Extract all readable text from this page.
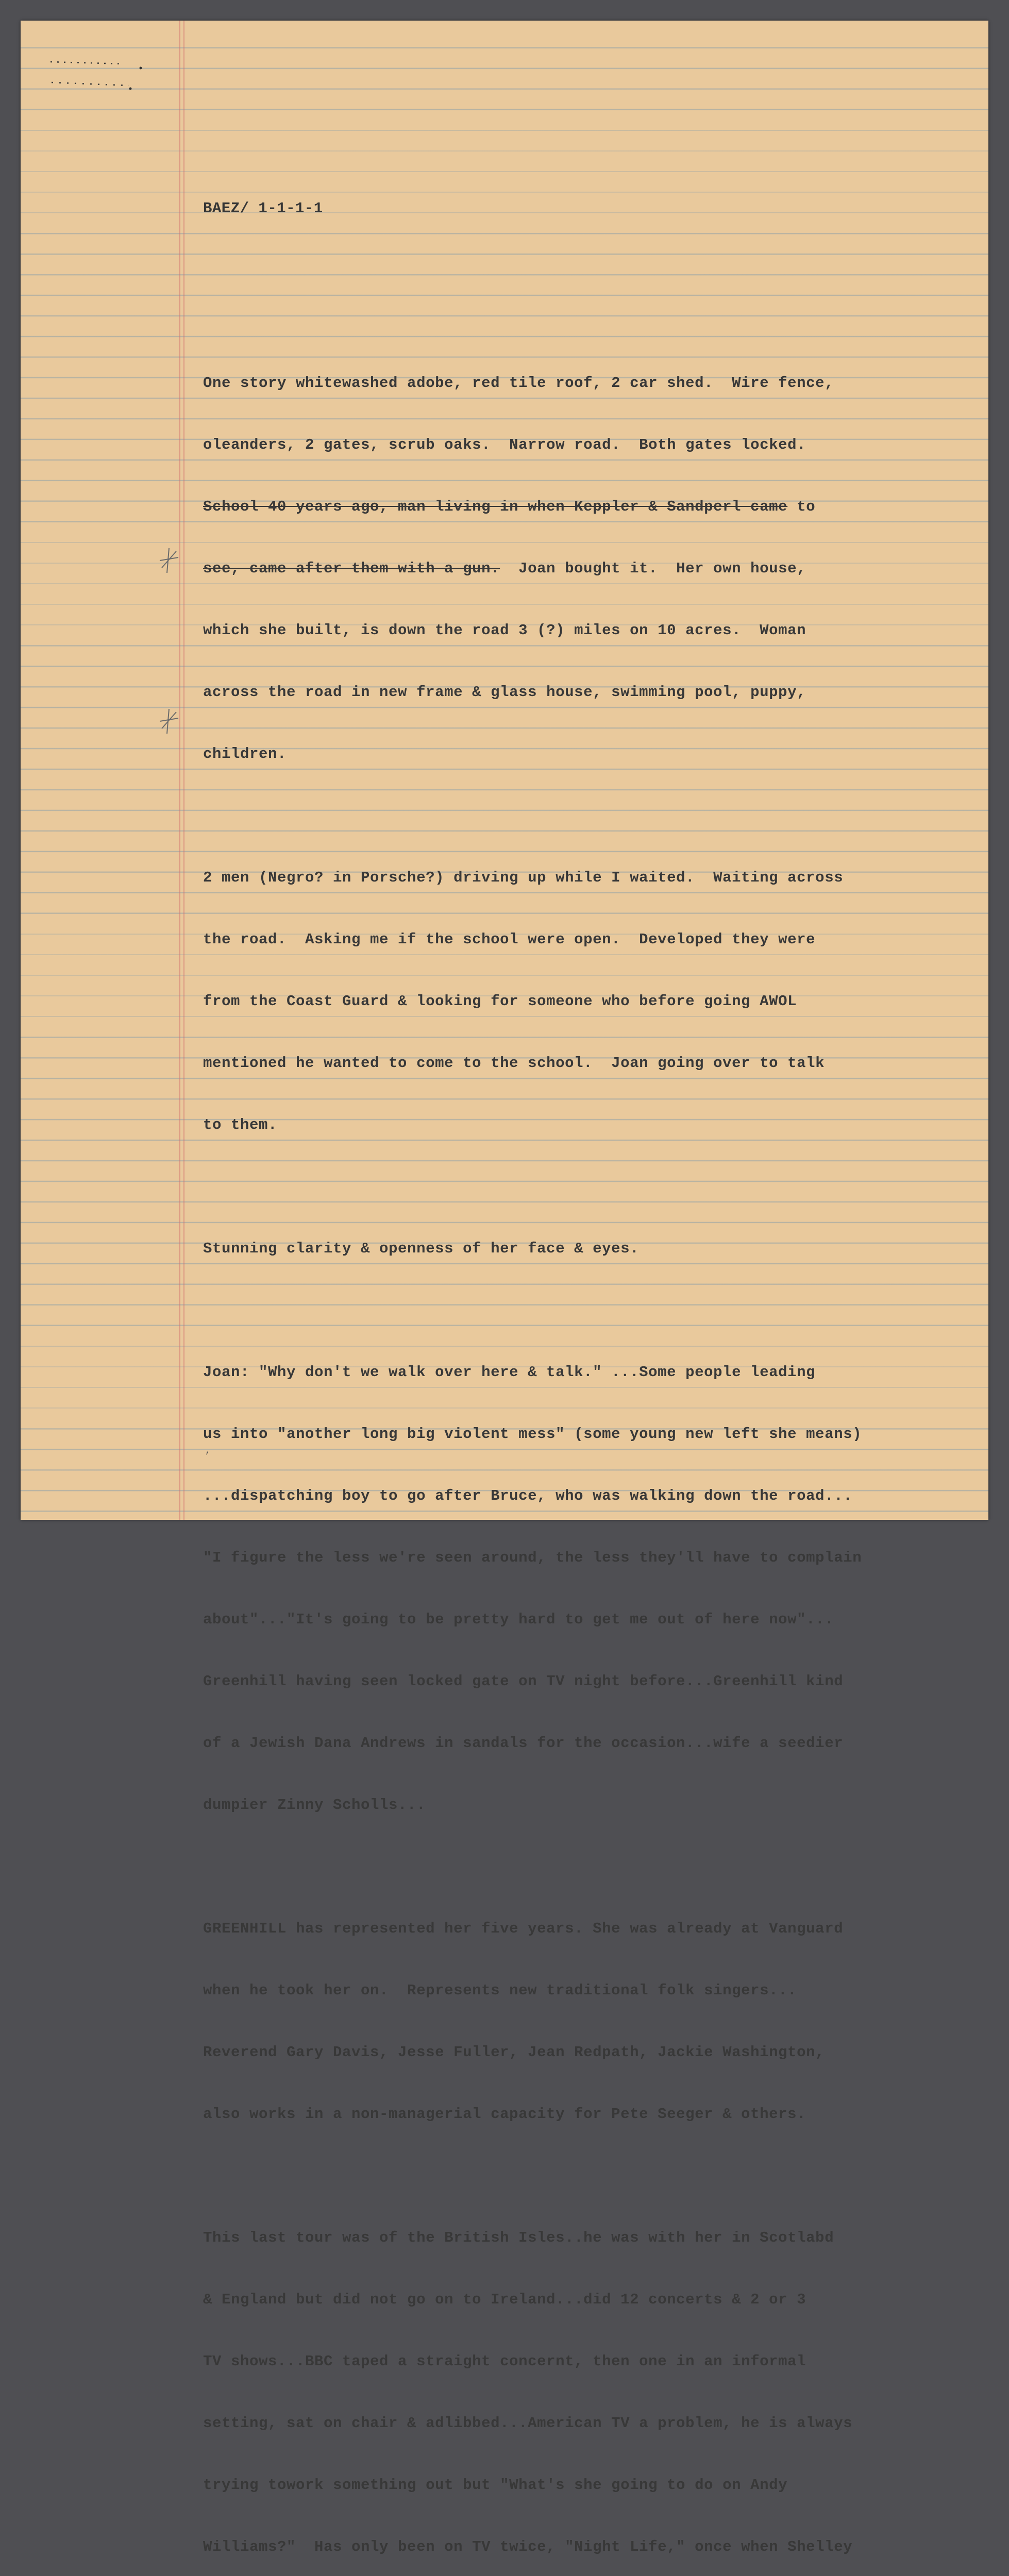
BAEZ/ 1-1-1-1

One story whitewashed adobe, red tile roof, 2 car shed.  Wire fence,

oleanders, 2 gates, scrub oaks.  Narrow road.  Both gates locked.

School 40 years ago, man living in when Keppler & Sandperl came to

see, came after them with a gun.  Joan bought it.  Her own house,

which she built, is down the road 3 (?) miles on 10 acres.  Woman

across the road in new frame & glass house, swimming pool, puppy,

children.

2 men (Negro? in Porsche?) driving up while I waited.  Waiting across

the road.  Asking me if the school were open.  Developed they were

from the Coast Guard & looking for someone who before going AWOL

mentioned he wanted to come to the school.  Joan going over to talk

to them.

Stunning clarity & openness of her face & eyes.

Joan: "Why don't we walk over here & talk." ...Some people leading

us into "another long big violent mess" (some young new left she means)

...dispatching boy to go after Bruce, who was walking down the road...

"I figure the less we're seen around, the less they'll have to complain

about"..."It's going to be pretty hard to get me out of here now"...

Greenhill having seen locked gate on TV night before...Greenhill kind

of a Jewish Dana Andrews in sandals for the occasion...wife a seedier

dumpier Zinny Scholls...

GREENHILL has represented her five years. She was already at Vanguard

when he took her on.  Represents new traditional folk singers...

Reverend Gary Davis, Jesse Fuller, Jean Redpath, Jackie Washington,

also works in a non-managerial capacity for Pete Seeger & others.

This last tour was of the British Isles..he was with her in Scotlabd

& England but did not go on to Ireland...did 12 concerts & 2 or 3

TV shows...BBC taped a straight concernt, then one in an informal

setting, sat on chair & adlibbed...American TV a problem, he is always

trying towork something out but "What's she going to do on Andy

Williams?"  Has only been on TV twice, "Night Life," once when Shelley

,
